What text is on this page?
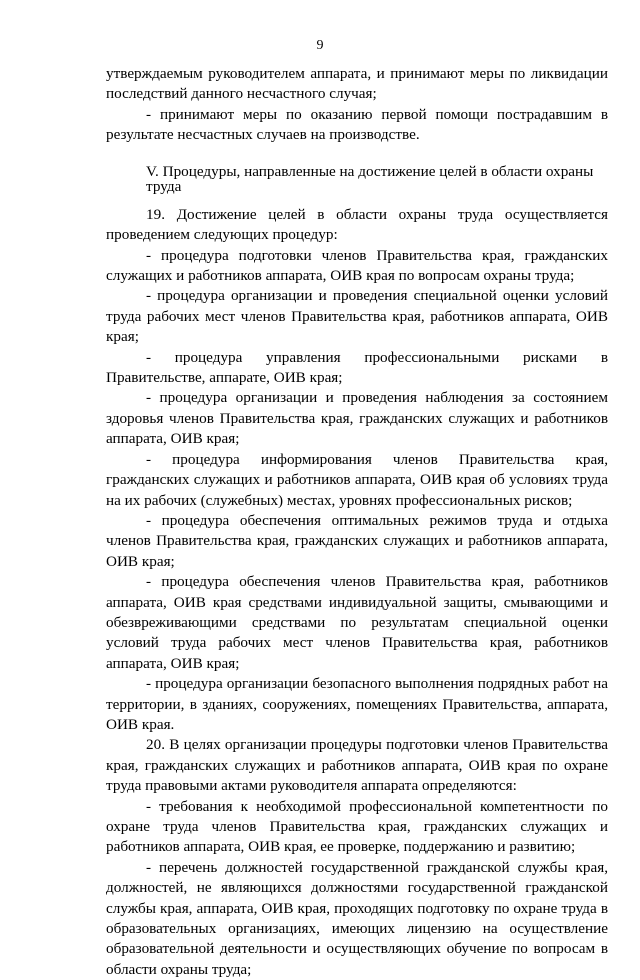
9

утверждаемым руководителем аппарата, и принимают меры по ликвидации последствий данного несчастного случая;

- принимают меры по оказанию первой помощи пострадавшим в результате несчастных случаев на производстве.

V. Процедуры, направленные на достижение целей в области охраны труда

19. Достижение целей в области охраны труда осуществляется проведением следующих процедур:

- процедура подготовки членов Правительства края, гражданских служащих и работников аппарата, ОИВ края по вопросам охраны труда;

- процедура организации и проведения специальной оценки условий труда рабочих мест членов Правительства края, работников аппарата, ОИВ края;

- процедура управления профессиональными рисками в Правительстве, аппарате, ОИВ края;

- процедура организации и проведения наблюдения за состоянием здоровья членов Правительства края, гражданских служащих и работников аппарата, ОИВ края;

- процедура информирования членов Правительства края, гражданских служащих и работников аппарата, ОИВ края об условиях труда на их рабочих (служебных) местах, уровнях профессиональных рисков;

- процедура обеспечения оптимальных режимов труда и отдыха членов Правительства края, гражданских служащих и работников аппарата, ОИВ края;

- процедура обеспечения членов Правительства края, работников аппарата, ОИВ края средствами индивидуальной защиты, смывающими и обезвреживающими средствами по результатам специальной оценки условий труда рабочих мест членов Правительства края, работников аппарата, ОИВ края;

- процедура организации безопасного выполнения подрядных работ на территории, в зданиях, сооружениях, помещениях Правительства, аппарата, ОИВ края.

20. В целях организации процедуры подготовки членов Правительства края, гражданских служащих и работников аппарата, ОИВ края по охране труда правовыми актами руководителя аппарата определяются:

- требования к необходимой профессиональной компетентности по охране труда членов Правительства края, гражданских служащих и работников аппарата, ОИВ края, ее проверке, поддержанию и развитию;

- перечень должностей государственной гражданской службы края, должностей, не являющихся должностями государственной гражданской службы края, аппарата, ОИВ края, проходящих подготовку по охране труда в образовательных организациях, имеющих лицензию на осуществление образовательной деятельности и осуществляющих обучение по вопросам в области охраны труда;
